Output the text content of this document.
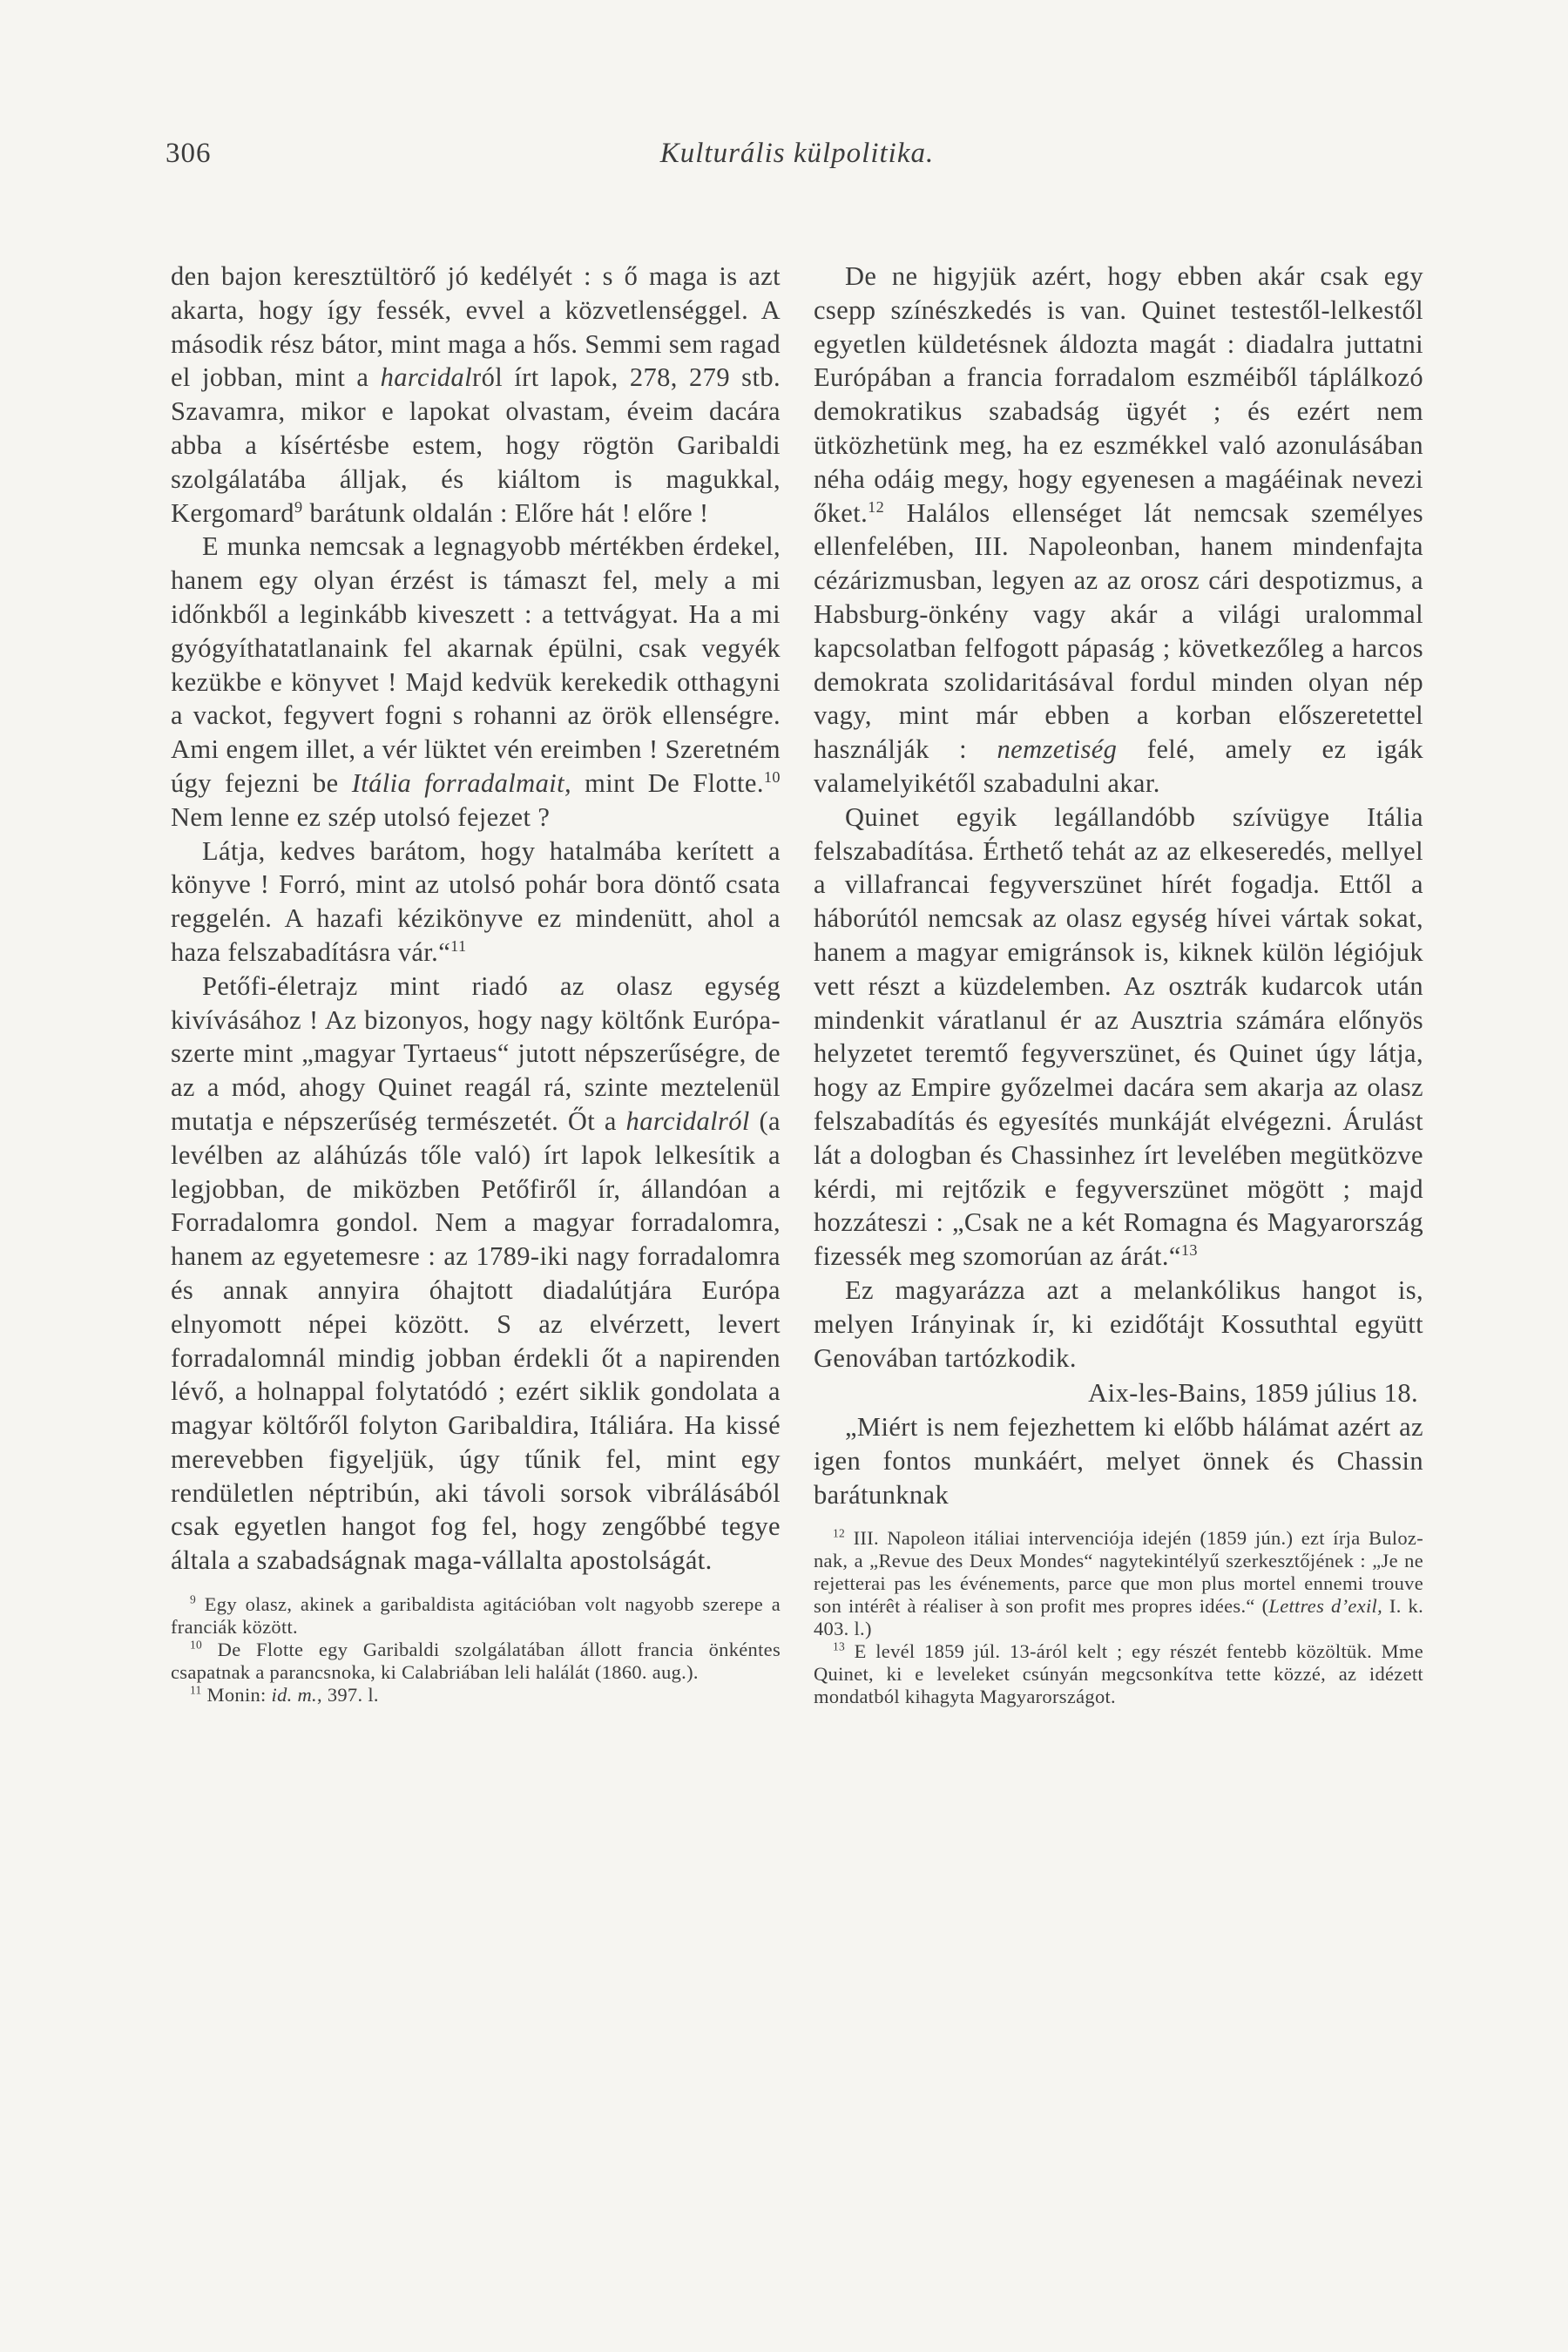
306	Kulturális külpolitika.

den bajon keresztültörő jó kedélyét : s ő maga is azt akarta, hogy így fessék, evvel a közvetlenséggel. A második rész bátor, mint maga a hős. Semmi sem ragad el jobban, mint a harcidalról írt lapok, 278, 279 stb. Szavamra, mikor e lapokat olvastam, éveim dacára abba a kísértésbe estem, hogy rögtön Garibaldi szolgálatába álljak, és kiáltom is magukkal, Kergomard$^9$ barátunk oldalán : Előre hát ! előre !

E munka nemcsak a legnagyobb mértékben érdekel, hanem egy olyan érzést is támaszt fel, mely a mi időnkből a leginkább kiveszett : a tettvágyat. Ha a mi gyógyíthatatlanaink fel akarnak épülni, csak vegyék kezükbe e könyvet ! Majd kedvük kerekedik otthagyni a vackot, fegyvert fogni s rohanni az örök ellenségre. Ami engem illet, a vér lüktet vén ereimben ! Szeretném úgy fejezni be Itália forradalmait, mint De Flotte.$^{10}$ Nem lenne ez szép utolsó fejezet ?

Látja, kedves barátom, hogy hatalmába kerített a könyve ! Forró, mint az utolsó pohár bora döntő csata reggelén. A hazafi kézikönyve ez mindenütt, ahol a haza felszabadításra vár.“$^{11}$

Petőfi-életrajz mint riadó az olasz egység kivívásához ! Az bizonyos, hogy nagy költőnk Európa-szerte mint „magyar Tyrtaeus“ jutott népszerűségre, de az a mód, ahogy Quinet reagál rá, szinte meztelenül mutatja e népszerűség természetét. Őt a harcidalról (a levélben az aláhúzás tőle való) írt lapok lelkesítik a legjobban, de miközben Petőfiről ír, állandóan a Forradalomra gondol. Nem a magyar forradalomra, hanem az egyetemesre : az 1789-iki nagy forradalomra és annak annyira óhajtott diadalútjára Európa elnyomott népei között. S az elvérzett, levert forradalomnál mindig jobban érdekli őt a napirenden lévő, a holnappal folytatódó ; ezért siklik gondolata a magyar költőről folyton Garibaldira, Itáliára. Ha kissé merevebben figyeljük, úgy tűnik fel, mint egy rendületlen néptribún, aki távoli sorsok vibrálásából csak egyetlen hangot fog fel, hogy zengőbbé tegye általa a szabadságnak maga-vállalta apostolságát.

$^9$ Egy olasz, akinek a garibaldista agitációban volt nagyobb szerepe a franciák között.

$^{10}$ De Flotte egy Garibaldi szolgálatában állott francia önkéntes csapatnak a parancsnoka, ki Calabriában leli halálát (1860. aug.).

$^{11}$ Monin: id. m., 397. l.

De ne higyjük azért, hogy ebben akár csak egy csepp színészkedés is van. Quinet testestől-lelkestől egyetlen küldetésnek áldozta magát : diadalra juttatni Európában a francia forradalom eszméiből táplálkozó demokratikus szabadság ügyét ; és ezért nem ütközhetünk meg, ha ez eszmékkel való azonulásában néha odáig megy, hogy egyenesen a magáéinak nevezi őket.$^{12}$ Halálos ellenséget lát nemcsak személyes ellenfelében, III. Napoleonban, hanem mindenfajta cézárizmusban, legyen az az orosz cári despotizmus, a Habsburg-önkény vagy akár a világi uralommal kapcsolatban felfogott pápaság ; következőleg a harcos demokrata szolidaritásával fordul minden olyan nép vagy, mint már ebben a korban előszeretettel használják : nemzetiség felé, amely ez igák valamelyikétől szabadulni akar.

Quinet egyik legállandóbb szívügye Itália felszabadítása. Érthető tehát az az elkeseredés, mellyel a villafrancai fegyverszünet hírét fogadja. Ettől a háborútól nemcsak az olasz egység hívei vártak sokat, hanem a magyar emigránsok is, kiknek külön légiójuk vett részt a küzdelemben. Az osztrák kudarcok után mindenkit váratlanul ér az Ausztria számára előnyös helyzetet teremtő fegyverszünet, és Quinet úgy látja, hogy az Empire győzelmei dacára sem akarja az olasz felszabadítás és egyesítés munkáját elvégezni. Árulást lát a dologban és Chassinhez írt levelében megütközve kérdi, mi rejtőzik e fegyverszünet mögött ; majd hozzáteszi : „Csak ne a két Romagna és Magyarország fizessék meg szomorúan az árát.“$^{13}$

Ez magyarázza azt a melankólikus hangot is, melyen Irányinak ír, ki ezidőtájt Kossuthtal együtt Genovában tartózkodik.

Aix-les-Bains, 1859 július 18.

„Miért is nem fejezhettem ki előbb hálámat azért az igen fontos munkáért, melyet önnek és Chassin barátunknak

$^{12}$ III. Napoleon itáliai intervenciója idején (1859 jún.) ezt írja Buloz-nak, a „Revue des Deux Mondes“ nagytekintélyű szerkesztőjének : „Je ne rejetterai pas les événements, parce que mon plus mortel ennemi trouve son intérêt à réaliser à son profit mes propres idées.“ (Lettres d’exil, I. k. 403. l.)

$^{13}$ E levél 1859 júl. 13-áról kelt ; egy részét fentebb közöltük. Mme Quinet, ki e leveleket csúnyán megcsonkítva tette közzé, az idézett mondatból kihagyta Magyarországot.
